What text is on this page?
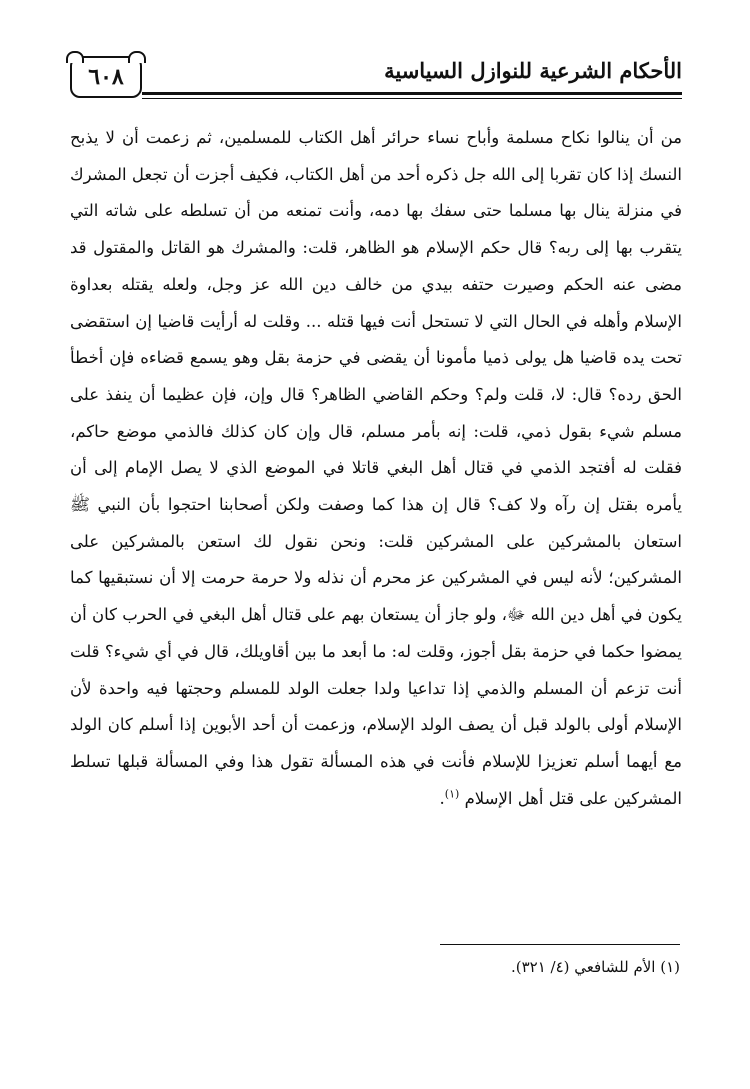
٦٠٨	الأحكام الشرعية للنوازل السياسية

من أن ينالوا نكاح مسلمة وأباح نساء حرائر أهل الكتاب للمسلمين، ثم زعمت أن لا يذبح النسك إذا كان تقربا إلى الله جل ذكره أحد من أهل الكتاب، فكيف أجزت أن تجعل المشرك في منزلة ينال بها مسلما حتى سفك بها دمه، وأنت تمنعه من أن تسلطه على شاته التي يتقرب بها إلى ربه؟ قال حكم الإسلام هو الظاهر، قلت: والمشرك هو القاتل والمقتول قد مضى عنه الحكم وصيرت حتفه بيدي من خالف دين الله عز وجل، ولعله يقتله بعداوة الإسلام وأهله في الحال التي لا تستحل أنت فيها قتله ... وقلت له أرأيت قاضيا إن استقضى تحت يده قاضيا هل يولى ذميا مأمونا أن يقضى في حزمة بقل وهو يسمع قضاءه فإن أخطأ الحق رده؟ قال: لا، قلت ولم؟ وحكم القاضي الظاهر؟ قال وإن، فإن عظيما أن ينفذ على مسلم شيء بقول ذمي، قلت: إنه بأمر مسلم، قال وإن كان كذلك فالذمي موضع حاكم، فقلت له أفتجد الذمي في قتال أهل البغي قاتلا في الموضع الذي لا يصل الإمام إلى أن يأمره بقتل إن رآه ولا كف؟ قال إن هذا كما وصفت ولكن أصحابنا احتجوا بأن النبي ﷺ استعان بالمشركين على المشركين قلت: ونحن نقول لك استعن بالمشركين على المشركين؛ لأنه ليس في المشركين عز محرم أن نذله ولا حرمة حرمت إلا أن نستبقيها كما يكون في أهل دين الله ﷻ، ولو جاز أن يستعان بهم على قتال أهل البغي في الحرب كان أن يمضوا حكما في حزمة بقل أجوز، وقلت له: ما أبعد ما بين أقاويلك، قال في أي شيء؟ قلت أنت تزعم أن المسلم والذمي إذا تداعيا ولدا جعلت الولد للمسلم وحجتها فيه واحدة لأن الإسلام أولى بالولد قبل أن يصف الولد الإسلام، وزعمت أن أحد الأبوين إذا أسلم كان الولد مع أيهما أسلم تعزيزا للإسلام فأنت في هذه المسألة تقول هذا وفي المسألة قبلها تسلط المشركين على قتل أهل الإسلام $^{(١)}$.

(١) الأم للشافعي (٤/ ٣٢١).
